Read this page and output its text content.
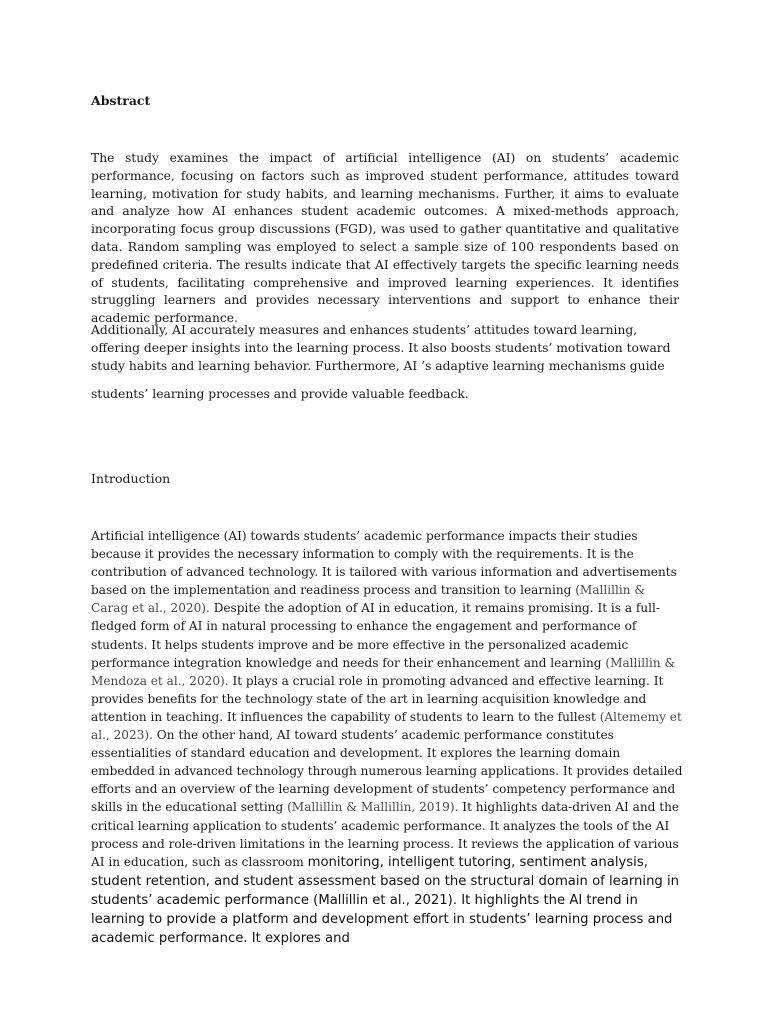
Abstract

The study examines the impact of artificial intelligence (AI) on students’ academic performance, focusing on factors such as improved student performance, attitudes toward learning, motivation for study habits, and learning mechanisms. Further, it aims to evaluate and analyze how AI enhances student academic outcomes. A mixed-methods approach, incorporating focus group discussions (FGD), was used to gather quantitative and qualitative data. Random sampling was employed to select a sample size of 100 respondents based on predefined criteria. The results indicate that AI effectively targets the specific learning needs of students, facilitating comprehensive and improved learning experiences. It identifies struggling learners and provides necessary interventions and support to enhance their academic performance.

Additionally, AI accurately measures and enhances students’ attitudes toward learning, offering deeper insights into the learning process. It also boosts students’ motivation toward study habits and learning behavior. Furthermore, AI ’s adaptive learning mechanisms guide

students’ learning processes and provide valuable feedback.

Introduction

Artificial intelligence (AI) towards students’ academic performance impacts their studies because it provides the necessary information to comply with the requirements. It is the contribution of advanced technology. It is tailored with various information and advertisements based on the implementation and readiness process and transition to learning (Mallillin & Carag et al., 2020). Despite the adoption of AI in education, it remains promising. It is a full-fledged form of AI in natural processing to enhance the engagement and performance of students. It helps students improve and be more effective in the personalized academic performance integration knowledge and needs for their enhancement and learning (Mallillin & Mendoza et al., 2020). It plays a crucial role in promoting advanced and effective learning. It provides benefits for the technology state of the art in learning acquisition knowledge and attention in teaching. It influences the capability of students to learn to the fullest (Altememy et al., 2023). On the other hand, AI toward students’ academic performance constitutes essentialities of standard education and development. It explores the learning domain embedded in advanced technology through numerous learning applications. It provides detailed efforts and an overview of the learning development of students’ competency performance and skills in the educational setting (Mallillin & Mallillin, 2019). It highlights data-driven AI and the critical learning application to students’ academic performance. It analyzes the tools of the AI process and role-driven limitations in the learning process. It reviews the application of various AI in education, such as classroom monitoring, intelligent tutoring, sentiment analysis, student retention, and student assessment based on the structural domain of learning in students’ academic performance (Mallillin et al., 2021). It highlights the AI trend in learning to provide a platform and development effort in students’ learning process and academic performance. It explores and
